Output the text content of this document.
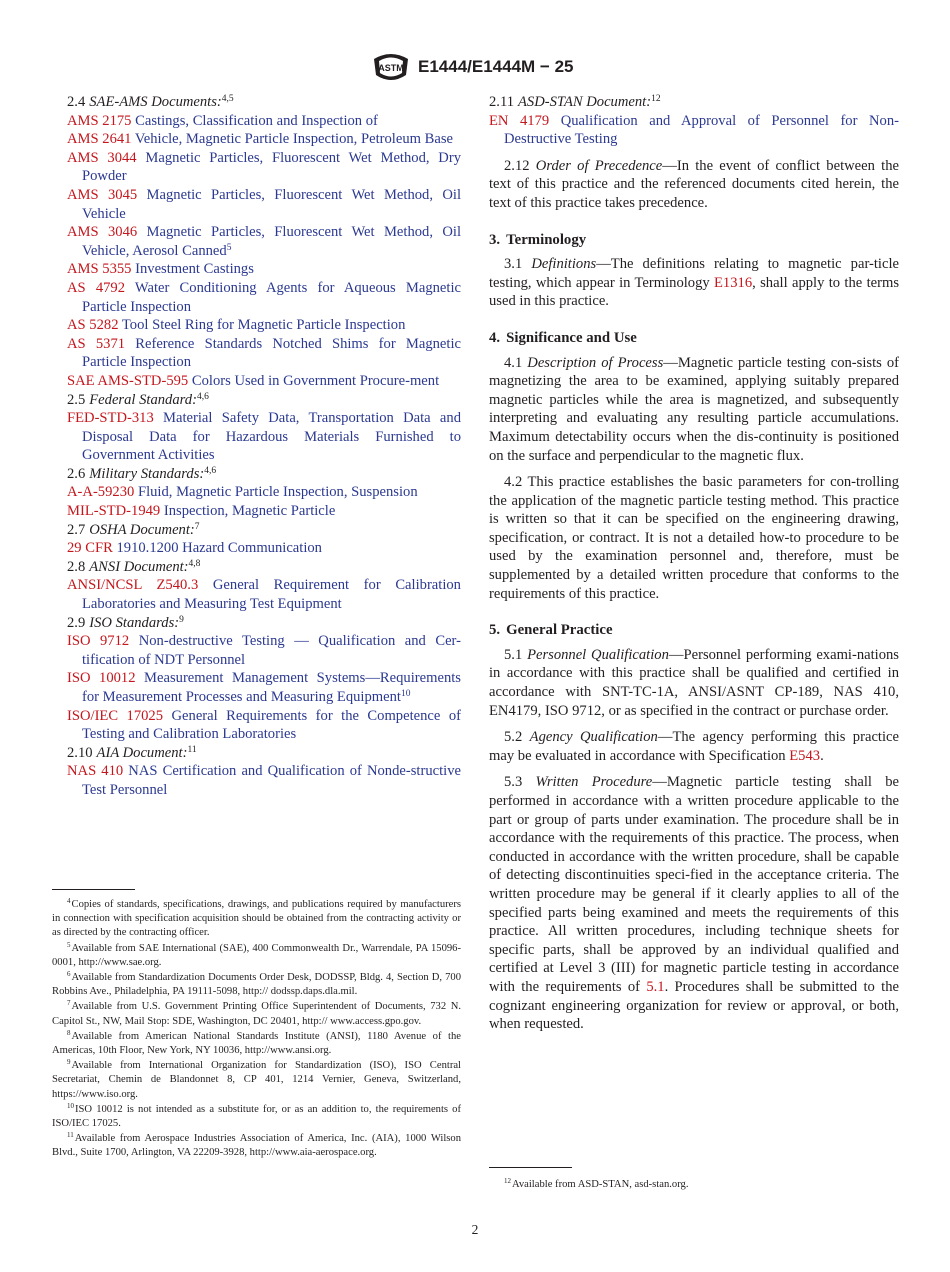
ASTM E1444/E1444M − 25
2.4 SAE-AMS Documents:$^{4,5}$
AMS 2175 Castings, Classification and Inspection of
AMS 2641 Vehicle, Magnetic Particle Inspection, Petroleum Base
AMS 3044 Magnetic Particles, Fluorescent Wet Method, Dry Powder
AMS 3045 Magnetic Particles, Fluorescent Wet Method, Oil Vehicle
AMS 3046 Magnetic Particles, Fluorescent Wet Method, Oil Vehicle, Aerosol Canned$^5$
AMS 5355 Investment Castings
AS 4792 Water Conditioning Agents for Aqueous Magnetic Particle Inspection
AS 5282 Tool Steel Ring for Magnetic Particle Inspection
AS 5371 Reference Standards Notched Shims for Magnetic Particle Inspection
SAE AMS-STD-595 Colors Used in Government Procure-ment
2.5 Federal Standard:$^{4,6}$
FED-STD-313 Material Safety Data, Transportation Data and Disposal Data for Hazardous Materials Furnished to Government Activities
2.6 Military Standards:$^{4,6}$
A-A-59230 Fluid, Magnetic Particle Inspection, Suspension
MIL-STD-1949 Inspection, Magnetic Particle
2.7 OSHA Document:$^7$
29 CFR 1910.1200 Hazard Communication
2.8 ANSI Document:$^{4,8}$
ANSI/NCSL Z540.3 General Requirement for Calibration Laboratories and Measuring Test Equipment
2.9 ISO Standards:$^9$
ISO 9712 Non-destructive Testing — Qualification and Cer-tification of NDT Personnel
ISO 10012 Measurement Management Systems—Requirements for Measurement Processes and Measuring Equipment$^{10}$
ISO/IEC 17025 General Requirements for the Competence of Testing and Calibration Laboratories
2.10 AIA Document:$^{11}$
NAS 410 NAS Certification and Qualification of Nonde-structive Test Personnel
2.11 ASD-STAN Document:$^{12}$
EN 4179 Qualification and Approval of Personnel for Non-Destructive Testing
2.12 Order of Precedence—In the event of conflict between the text of this practice and the referenced documents cited herein, the text of this practice takes precedence.
3. Terminology
3.1 Definitions—The definitions relating to magnetic par-ticle testing, which appear in Terminology E1316, shall apply to the terms used in this practice.
4. Significance and Use
4.1 Description of Process—Magnetic particle testing con-sists of magnetizing the area to be examined, applying suitably prepared magnetic particles while the area is magnetized, and subsequently interpreting and evaluating any resulting particle accumulations. Maximum detectability occurs when the dis-continuity is positioned on the surface and perpendicular to the magnetic flux.
4.2 This practice establishes the basic parameters for con-trolling the application of the magnetic particle testing method. This practice is written so that it can be specified on the engineering drawing, specification, or contract. It is not a detailed how-to procedure to be used by the examination personnel and, therefore, must be supplemented by a detailed written procedure that conforms to the requirements of this practice.
5. General Practice
5.1 Personnel Qualification—Personnel performing exami-nations in accordance with this practice shall be qualified and certified in accordance with SNT-TC-1A, ANSI/ASNT CP-189, NAS 410, EN4179, ISO 9712, or as specified in the contract or purchase order.
5.2 Agency Qualification—The agency performing this practice may be evaluated in accordance with Specification E543.
5.3 Written Procedure—Magnetic particle testing shall be performed in accordance with a written procedure applicable to the part or group of parts under examination. The procedure shall be in accordance with the requirements of this practice. The process, when conducted in accordance with the written procedure, shall be capable of detecting discontinuities speci-fied in the acceptance criteria. The written procedure may be general if it clearly applies to all of the specified parts being examined and meets the requirements of this practice. All written procedures, including technique sheets for specific parts, shall be approved by an individual qualified and certified at Level 3 (III) for magnetic particle testing in accordance with the requirements of 5.1. Procedures shall be submitted to the cognizant engineering organization for review or approval, or both, when requested.
$^4$Copies of standards, specifications, drawings, and publications required by manufacturers in connection with specification acquisition should be obtained from the contracting activity or as directed by the contracting officer.
$^5$Available from SAE International (SAE), 400 Commonwealth Dr., Warrendale, PA 15096-0001, http://www.sae.org.
$^6$Available from Standardization Documents Order Desk, DODSSP, Bldg. 4, Section D, 700 Robbins Ave., Philadelphia, PA 19111-5098, http:// dodssp.daps.dla.mil.
$^7$Available from U.S. Government Printing Office Superintendent of Documents, 732 N. Capitol St., NW, Mail Stop: SDE, Washington, DC 20401, http:// www.access.gpo.gov.
$^8$Available from American National Standards Institute (ANSI), 1180 Avenue of the Americas, 10th Floor, New York, NY 10036, http://www.ansi.org.
$^9$Available from International Organization for Standardization (ISO), ISO Central Secretariat, Chemin de Blandonnet 8, CP 401, 1214 Vernier, Geneva, Switzerland, https://www.iso.org.
$^{10}$ISO 10012 is not intended as a substitute for, or as an addition to, the requirements of ISO/IEC 17025.
$^{11}$Available from Aerospace Industries Association of America, Inc. (AIA), 1000 Wilson Blvd., Suite 1700, Arlington, VA 22209-3928, http://www.aia-aerospace.org.
$^{12}$Available from ASD-STAN, asd-stan.org.
2
